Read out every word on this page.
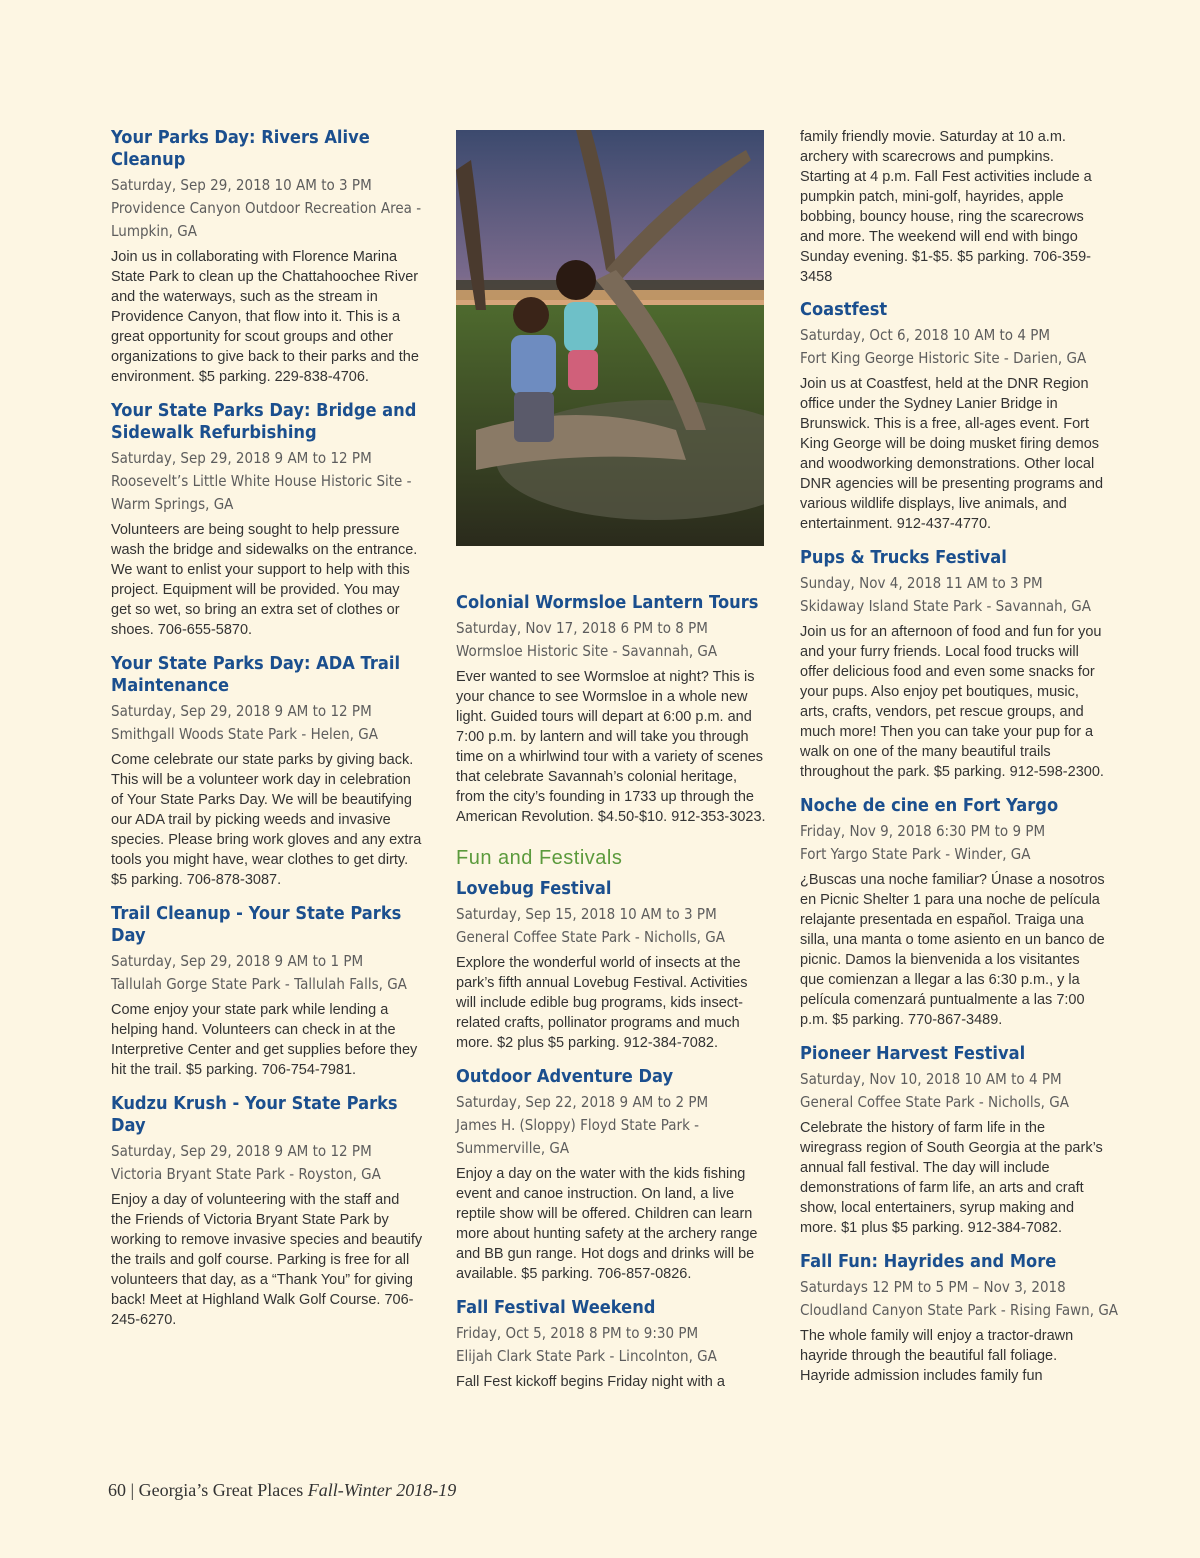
Your Parks Day: Rivers Alive Cleanup
Saturday, Sep 29, 2018 10 AM to 3 PM
Providence Canyon Outdoor Recreation Area - Lumpkin, GA
Join us in collaborating with Florence Marina State Park to clean up the Chattahoochee River and the waterways, such as the stream in Providence Canyon, that flow into it. This is a great opportunity for scout groups and other organizations to give back to their parks and the environment. $5 parking. 229-838-4706.
Your State Parks Day: Bridge and Sidewalk Refurbishing
Saturday, Sep 29, 2018 9 AM to 12 PM
Roosevelt’s Little White House Historic Site - Warm Springs, GA
Volunteers are being sought to help pressure wash the bridge and sidewalks on the entrance. We want to enlist your support to help with this project. Equipment will be provided. You may get so wet, so bring an extra set of clothes or shoes. 706-655-5870.
Your State Parks Day: ADA Trail Maintenance
Saturday, Sep 29, 2018 9 AM to 12 PM
Smithgall Woods State Park - Helen, GA
Come celebrate our state parks by giving back. This will be a volunteer work day in celebration of Your State Parks Day. We will be beautifying our ADA trail by picking weeds and invasive species. Please bring work gloves and any extra tools you might have, wear clothes to get dirty. $5 parking. 706-878-3087.
Trail Cleanup - Your State Parks Day
Saturday, Sep 29, 2018 9 AM to 1 PM
Tallulah Gorge State Park - Tallulah Falls, GA
Come enjoy your state park while lending a helping hand. Volunteers can check in at the Interpretive Center and get supplies before they hit the trail. $5 parking. 706-754-7981.
Kudzu Krush - Your State Parks Day
Saturday, Sep 29, 2018 9 AM to 12 PM
Victoria Bryant State Park - Royston, GA
Enjoy a day of volunteering with the staff and the Friends of Victoria Bryant State Park by working to remove invasive species and beautify the trails and golf course. Parking is free for all volunteers that day, as a “Thank You” for giving back! Meet at Highland Walk Golf Course. 706-245-6270.
Colonial Wormsloe Lantern Tours
Saturday, Nov 17, 2018 6 PM to 8 PM
Wormsloe Historic Site - Savannah, GA
Ever wanted to see Wormsloe at night? This is your chance to see Wormsloe in a whole new light. Guided tours will depart at 6:00 p.m. and 7:00 p.m. by lantern and will take you through time on a whirlwind tour with a variety of scenes that celebrate Savannah’s colonial heritage, from the city’s founding in 1733 up through the American Revolution. $4.50-$10. 912-353-3023.
Fun and Festivals
Lovebug Festival
Saturday, Sep 15, 2018 10 AM to 3 PM
General Coffee State Park - Nicholls, GA
Explore the wonderful world of insects at the park’s fifth annual Lovebug Festival. Activities will include edible bug programs, kids insect-related crafts, pollinator programs and much more. $2 plus $5 parking. 912-384-7082.
Outdoor Adventure Day
Saturday, Sep 22, 2018 9 AM to 2 PM
James H. (Sloppy) Floyd State Park - Summerville, GA
Enjoy a day on the water with the kids fishing event and canoe instruction. On land, a live reptile show will be offered. Children can learn more about hunting safety at the archery range and BB gun range. Hot dogs and drinks will be available. $5 parking. 706-857-0826.
Fall Festival Weekend
Friday, Oct 5, 2018 8 PM to 9:30 PM
Elijah Clark State Park - Lincolnton, GA
Fall Fest kickoff begins Friday night with a
family friendly movie. Saturday at 10 a.m. archery with scarecrows and pumpkins. Starting at 4 p.m. Fall Fest activities include a pumpkin patch, mini-golf, hayrides, apple bobbing, bouncy house, ring the scarecrows and more. The weekend will end with bingo Sunday evening. $1-$5. $5 parking. 706-359-3458
Coastfest
Saturday, Oct 6, 2018 10 AM to 4 PM
Fort King George Historic Site - Darien, GA
Join us at Coastfest, held at the DNR Region office under the Sydney Lanier Bridge in Brunswick. This is a free, all-ages event. Fort King George will be doing musket firing demos and woodworking demonstrations. Other local DNR agencies will be presenting programs and various wildlife displays, live animals, and entertainment. 912-437-4770.
Pups & Trucks Festival
Sunday, Nov 4, 2018 11 AM to 3 PM
Skidaway Island State Park - Savannah, GA
Join us for an afternoon of food and fun for you and your furry friends. Local food trucks will offer delicious food and even some snacks for your pups. Also enjoy pet boutiques, music, arts, crafts, vendors, pet rescue groups, and much more! Then you can take your pup for a walk on one of the many beautiful trails throughout the park. $5 parking. 912-598-2300.
Noche de cine en Fort Yargo
Friday, Nov 9, 2018 6:30 PM to 9 PM
Fort Yargo State Park - Winder, GA
¿Buscas una noche familiar? Únase a nosotros en Picnic Shelter 1 para una noche de película relajante presentada en español. Traiga una silla, una manta o tome asiento en un banco de picnic. Damos la bienvenida a los visitantes que comienzan a llegar a las 6:30 p.m., y la película comenzará puntualmente a las 7:00 p.m. $5 parking. 770-867-3489.
Pioneer Harvest Festival
Saturday, Nov 10, 2018 10 AM to 4 PM
General Coffee State Park - Nicholls, GA
Celebrate the history of farm life in the wiregrass region of South Georgia at the park’s annual fall festival. The day will include demonstrations of farm life, an arts and craft show, local entertainers, syrup making and more. $1 plus $5 parking. 912-384-7082.
Fall Fun: Hayrides and More
Saturdays 12 PM to 5 PM – Nov 3, 2018
Cloudland Canyon State Park - Rising Fawn, GA
The whole family will enjoy a tractor-drawn hayride through the beautiful fall foliage. Hayride admission includes family fun
60 | Georgia’s Great Places Fall-Winter 2018-19
